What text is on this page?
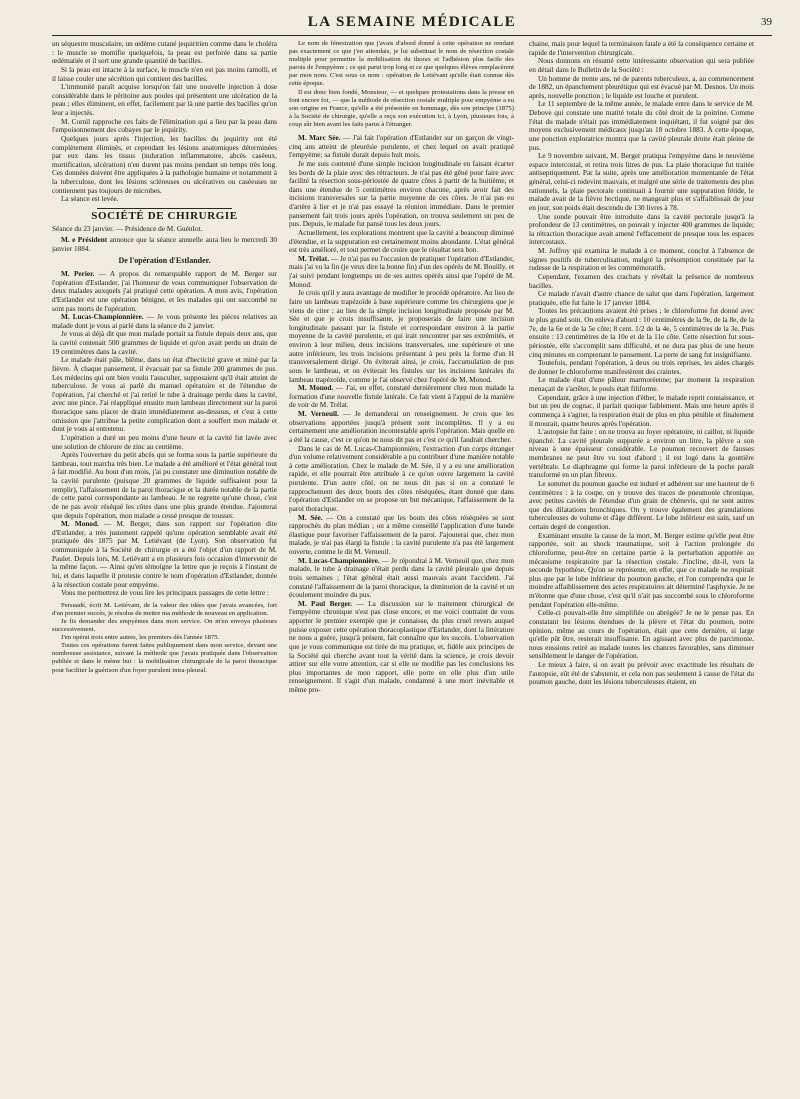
LA SEMAINE MÉDICALE	39

un séquestre musculaire, un œdème cutané jequiritien comme dans le choléra : le muscle se momifie quelquefois, la peau est perforée dans sa partie œdématiée et il sort une grande quantité de bacilles.

Si la peau est intacte à la surface, le muscle n'en est pas moins ramolli, et il laisse couler une sécrétion qui contient des bacilles.

L'immunité paraît acquise lorsqu'on fait une nouvelle injection à dose considérable dans le péritoine aux poules qui présentent une ulcération de la peau ; elles éliminent, en effet, facilement par là une partie des bacilles qu'on leur a injectés.

M. Cornil rapproche ces faits de l'élimination qui a lieu par la peau dans l'empoisonnement des cobayes par le jequirity.

Quelques jours après l'injection, les bacilles du jequirity ont été complètement éliminés, et cependant les lésions anatomiques déterminées par eux dans les tissus (induration inflammatoire, abcès caséeux, mortification, ulcération) n'en durent pas moins pendant un temps très long. Ces données doivent être appliquées à la pathologie humaine et notamment à la tuberculose, dont les lésions scléreuses ou ulcératives ou caséeuses ne contiennent pas toujours de microbes.

La séance est levée.

SOCIÉTÉ DE CHIRURGIE

Séance du 23 janvier. — Présidence de M. GuénIot.

M. e Président annonce que la séance annuelle aura lieu le mercredi 30 janvier 1884.

De l'opération d'Estlander.

M. Perier. — A propos du remarquable rapport de M. Berger sur l'opération d'Estlander, j'ai l'honneur de vous communiquer l'observation de deux malades auxquels j'ai pratiqué cette opération. A mon avis, l'opération d'Estlander est une opération bénigne, et les malades qui ont succombé ne sont pas morts de l'opération.

M. Lucas-Championnière. — Je vous présente les pièces relatives au malade dont je vous ai parlé dans la séance du 2 janvier.

Je vous ai déjà dit que mon malade portait sa fistule depuis deux ans, que la cavité contenait 500 grammes de liquide et qu'on avait perdu un drain de 19 centimètres dans la cavité.

Le malade était pâle, blême, dans un état d'hecticité grave et miné par la fièvre. À chaque pansement, il évacuait par sa fistule 200 grammes de pus. Les médecins qui ont bien voulu l'ausculter, supposaient qu'il était atteint de tuberculose. Je vous ai parlé du manuel opératoire et de l'étendue de l'opération, j'ai cherché et j'ai retiré le tube à drainage perdu dans la cavité, avec une pince. J'ai réappliqué ensuite mon lambeau directement sur la paroi thoracique sans placer de drain immédiatement au-dessous, et c'est à cette omission que j'attribue la petite complication dont a souffert mon malade et dont je vous ai entretenu.

L'opération a duré un peu moins d'une heure et la cavité fut lavée avec une solution de chlorure de zinc au centième.

Après l'ouverture du petit abcès qui se forma sous la partie supérieure du lambeau, tout marcha très bien. Le malade a été amélioré et l'état général tout à fait modifié. Au bout d'un mois, j'ai pu constater une diminution notable de la cavité purulente (puisque 20 grammes de liquide suffisaient pour la remplir), l'affaissement de la paroi thoracique et la durée notable de la partie de cette paroi correspondante au lambeau. Je ne regrette qu'une chose, c'est de ne pas avoir réséqué les côtes dans une plus grande étendue. J'ajouterai que depuis l'opération, mon malade a cessé presque de tousser.

M. Monod. — M. Berger, dans son rapport sur l'opération dite d'Estlander, a très justement rappelé qu'une opération semblable avait été pratiquée dès 1875 par M. Letiévant (de Lyon). Son observation fut communiquée à la Société de chirurgie et a été l'objet d'un rapport de M. Paulet. Depuis lors, M. Letiévant a en plusieurs fois occasion d'intervenir de la même façon. — Ainsi qu'en témoigne la lettre que je reçois à l'instant de lui, et dans laquelle il proteste contre le nom d'opération d'Estlander, donnée à la résection costale pour empyème.

Vous me permettrez de vous lire les principaux passages de cette lettre :

Persuadé, écrit M. Letiévant, de la valeur des idées que j'avais avancées, fort d'un premier succès, je résolus de mettre ma méthode de nouveau en application.

Je fis demander des empyèmes dans mon service. On m'en envoya plusieurs successivement.

J'en opérai trois entre autres, les premiers dès l'année 1875.

Toutes ces opérations furent faites publiquement dans mon service, devant une nombreuse assistance, suivant la méthode que j'avais pratiquée dans l'observation publiée et dans le même but : la mobilisation chirurgicale de la paroi thoracique pour faciliter la guérison d'un foyer purulent intra-pleural.

Le nom de fénestration que j'avais d'abord donné à cette opération ne rendant pas exactement ce que j'en attendais, je lui substituai le nom de résection costale multiple pour permettre la mobilisation du thorax et l'adhésion plus facile des parois de l'empyème ; ce qui parut trop long et ce que quelques élèves remplacèrent par mon nom. C'est sous ce nom : opération de Letiévant qu'elle était connue dès cette époque.

Il est donc bien fondé, Monsieur, — et quelques protestations dans la presse en font encore foi, — que la méthode de résection costale multiple pour empyème a eu son origine en France, qu'elle a été présentée en hommage, dès son principe (1875) à la Société de chirurgie, qu'elle a reçu son exécution ici, à Lyon, plusieurs fois, à coup sûr bien avant les faits parus à l'étranger.

M. Marc Sée. — J'ai fait l'opération d'Estlander sur un garçon de vingt-cinq ans atteint de pleurésie purulente, et chez lequel on avait pratiqué l'empyème; sa fistule durait depuis huit mois.

Je me suis contenté d'une simple incision longitudinale en faisant écarter les bords de la plaie avec des rétracteurs. Je n'ai pas été gêné pour faire avec facilité la résection sous-périostée de quatre côtes à partir de la huitième, et dans une étendue de 5 centimètres environ chacune, après avoir fait des incisions transversales sur la partie moyenne de ces côtes. Je n'ai pas eu d'artère à lier et je n'ai pas essayé la réunion immédiate. Dans le premier pansement fait trois jours après l'opération, on trouva seulement un peu de pus. Depuis, le malade fut pansé tous les deux jours.

Actuellement, les explorations montrent que la cavité a beaucoup diminué d'étendue, et la suppuration est certainement moins abondante. L'état général est très amélioré, et tout permet de croire que le résultat sera bon.

M. Trélat. — Je n'ai pas eu l'occasion de pratiquer l'opération d'Estlander, mais j'ai vu la fin (je veux dire la bonne fin) d'un des opérés de M. Bouilly, et j'ai suivi pendant longtemps un de ses autres opérés ainsi que l'opéré de M. Monod.

Je crois qu'il y aura avantage de modifier le procédé opératoire. Au lieu de faire un lambeau trapézoïde à base supérieure comme les chirurgiens que je viens de citer ; au lieu de la simple incision longitudinale proposée par M. Sée et que je crois insuffisante, je proposerais de faire une incision longitudinale passant par la fistule et correspondant environ à la partie moyenne de la cavité purulente, et qui irait rencontrer par ses extrémités, et environ à leur milieu, deux incisions transversales, une supérieure et une autre inférieure, les trois incisions présentant à peu près la forme d'un H transversalement dirigé. On éviterait ainsi, je crois, l'accumulation de pus sous le lambeau, et on éviterait les fistules sur les incisions latérales du lambeau trapézoïde, comme je l'ai observé chez l'opéré de M. Monod.

M. Monod. — J'ai, en effet, constaté dernièrement chez mon malade la formation d'une nouvelle fistule latérale. Ce fait vient à l'appui de la manière de voir de M. Trélat.

M. Verneuil. — Je demanderai un renseignement. Je crois que les observations apportées jusqu'à présent sont incomplètes. Il y a eu certainement une amélioration incontestable après l'opération. Mais quelle en a été la cause, c'est ce qu'on ne nous dit pas et c'est ce qu'il faudrait chercher.

Dans le cas de M. Lucas-Championnière, l'extraction d'un corps étranger d'un volume relativement considérable a pu contribuer d'une manière notable à cette amélioration. Chez le malade de M. Sée, il y a eu une amélioration rapide, et elle pourrait être attribuée à ce qu'on ouvre largement la cavité purulente. D'un autre côté, on ne nous dit pas si on a constaté le rapprochement des deux bouts des côtes réséquées, étant donné que dans l'opération d'Estlander on se propose un but mécanique, l'affaissement de la paroi thoracique.

M. Sée. — On a constaté que les bouts des côtes réséquées se sont rapprochés du plan médian ; on a même conseillé l'application d'une bande élastique pour favoriser l'affaissement de la paroi. J'ajouterai que, chez mon malade, je n'ai pas élargi la fistule : la cavité purulente n'a pas été largement ouverte, comme le dit M. Verneuil.

M. Lucas-Championnière. — Je répondrai à M. Verneuil que, chez mon malade, le tube à drainage n'était perdu dans la cavité pleurale que depuis trois semaines ; l'état général était aussi mauvais avant l'accident. J'ai constaté l'affaissement de la paroi thoracique, la diminution de la cavité et un écoulement moindre du pus.

M. Paul Berger. — La discussion sur le traitement chirurgical de l'empyème chronique n'est pas close encore, et me voici contraint de vous apporter le premier exemple que je connaisse, du plus cruel revers auquel puisse exposer cette opération thoracoplastique d'Estlander, dont la littérature ne nous a guère, jusqu'à présent, fait connaître que les succès. L'observation que je vous communique est tirée de ma pratique, et, fidèle aux principes de la Société qui cherche avant tout la vérité dans la science, je crois devoir attirer sur elle votre attention, car si elle ne modifie pas les conclusions les plus importantes de mon rapport, elle porte en elle plus d'un utile renseignement. Il s'agit d'un malade, condamné à une mort inévitable et même pro-

chaine, mais pour lequel la terminaison fatale a été la conséquence certaine et rapide de l'intervention chirurgicale.

Nous donnons en résumé cette intéressante observation qui sera publiée en détail dans le Bulletin de la Société :

Un homme de trente ans, né de parents tuberculeux, a, au commencement de 1882, un épanchement pleurétique qui est évacué par M. Desnos. Un mois après, nouvelle ponction ; le liquide est louche et purulent.

Le 11 septembre de la même année, le malade entre dans le service de M. Debove qui constate une matité totale du côté droit de la poitrine. Comme l'état du malade n'était pas immédiatement inquiétant, il fut soigné par des moyens exclusivement médicaux jusqu'au 18 octobre 1883. À cette époque, une ponction exploratrice montra que la cavité pleurale droite était pleine de pus.

Le 9 novembre suivant, M. Berger pratiqua l'empyème dans le neuvième espace intercostal, et retira trois litres de pus. La plaie thoracique fut traitée antiseptiquement. Par la suite, après une amélioration momentanée de l'état général, celui-ci redevint mauvais, et malgré une série de traitements des plus rationnels, la plaie pectorale continuait à fournir une suppuration fétide, le malade avait de la fièvre hectique, ne mangeait plus et s'affaiblissait de jour en jour, son poids était descendu de 130 livres à 78.

Une sonde pouvait être introduite dans la cavité pectorale jusqu'à la profondeur de 13 centimètres, on pouvait y injecter 400 grammes de liquide; la rétraction thoracique avait amené l'effacement de presque tous les espaces intercostaux.

M. Joffroy qui examina le malade à ce moment, conclut à l'absence de signes positifs de tuberculisation, malgré la présomption constituée par la rudesse de la respiration et les commémoratifs.

Cependant, l'examen des crachats y révélait la présence de nombreux bacilles.

Ce malade n'avait d'autre chance de salut que dans l'opération, largement pratiquée, elle fut faite le 17 janvier 1884.

Toutes les précautions avaient été prises ; le chloroforme fut donné avec le plus grand soin. On enleva d'abord : 10 centimètres de la 9e, de la 8e, de la 7e, de la 6e et de la 5e côte; 8 cent. 1/2 de la 4e, 5 centimètres de la 3e. Puis ensuite : 13 centimètres de la 10e et de la 11e côte. Cette résection fut sous-périostée, elle s'accomplit sans difficulté, et ne dura pas plus de une heure cinq minutes en comprenant le pansement. La perte de sang fut insignifiante.

Toutefois, pendant l'opération, à deux ou trois reprises, les aides chargés de donner le chloroforme manifestèrent des craintes.

Le malade était d'une pâleur marmoréenne; par moment la respiration menaçait de s'arrêter, le pouls était filiforme.

Cependant, grâce à une injection d'éther, le malade reprit connaissance, et but un peu de cognac, il parlait quoique faiblement. Mais une heure après il commença à s'agiter, la respiration était de plus en plus pénible et finalement il mourait, quatre heures après l'opération.

L'autopsie fut faite : on ne trouva au foyer opératoire, ni caillot, ni liquide épanché. La cavité pleurale suppurée a environ un litre, la plèvre a son niveau à une épaisseur considérable. Le poumon recouvert de fausses membranes ne peut être vu tout d'abord ; il est logé dans la gouttière vertébrale. Le diaphragme qui forme la paroi inférieure de la poche paraît transformé en un plan fibreux.

Le sommet du poumon gauche est induré et adhérent sur une hauteur de 6 centimètres : à la coupe, on y trouve des traces de pneumonie chronique, avec petites cavités de l'étendue d'un grain de chènevis, qui ne sont autres que des dilatations bronchiques. On y trouve également des granulations tuberculeuses de volume et d'âge différent. Le lobe inférieur est sain, sauf un certain degré de congestion.

Examinant ensuite la cause de la mort, M. Berger estime qu'elle peut être rapportée, soit au shock traumatique, soit à l'action prolongée du chloroforme, peut-être en certaine partie à la perturbation apportée au mécanisme respiratoire par la résection costale. J'incline, dit-il, vers la seconde hypothèse. Qu'on se représente, en effet, que ce malade ne respirait plus que par le lobe inférieur du poumon gauche, et l'on comprendra que le moindre affaiblissement des actes respiratoires ait déterminé l'asphyxie. Je ne m'étonne que d'une chose, c'est qu'il n'ait pas succombé sous le chloroforme pendant l'opération elle-même.

Celle-ci pouvait-elle être simplifiée ou abrégée? Je ne le pense pas. En constatant les lésions étendues de la plèvre et l'état du poumon, notre opinion, même au cours de l'opération, était que cette dernière, si large qu'elle pût être, resterait insuffisante. En agissant avec plus de parcimonie, nous eussions retiré au malade toutes les chances favorables, sans diminuer sensiblement le danger de l'opération.

Le mieux à faire, si on avait pu prévoir avec exactitude les résultats de l'autopsie, eût été de s'abstenir, et cela non pas seulement à cause de l'état du poumon gauche, dont les lésions tuberculeuses étaient, en
